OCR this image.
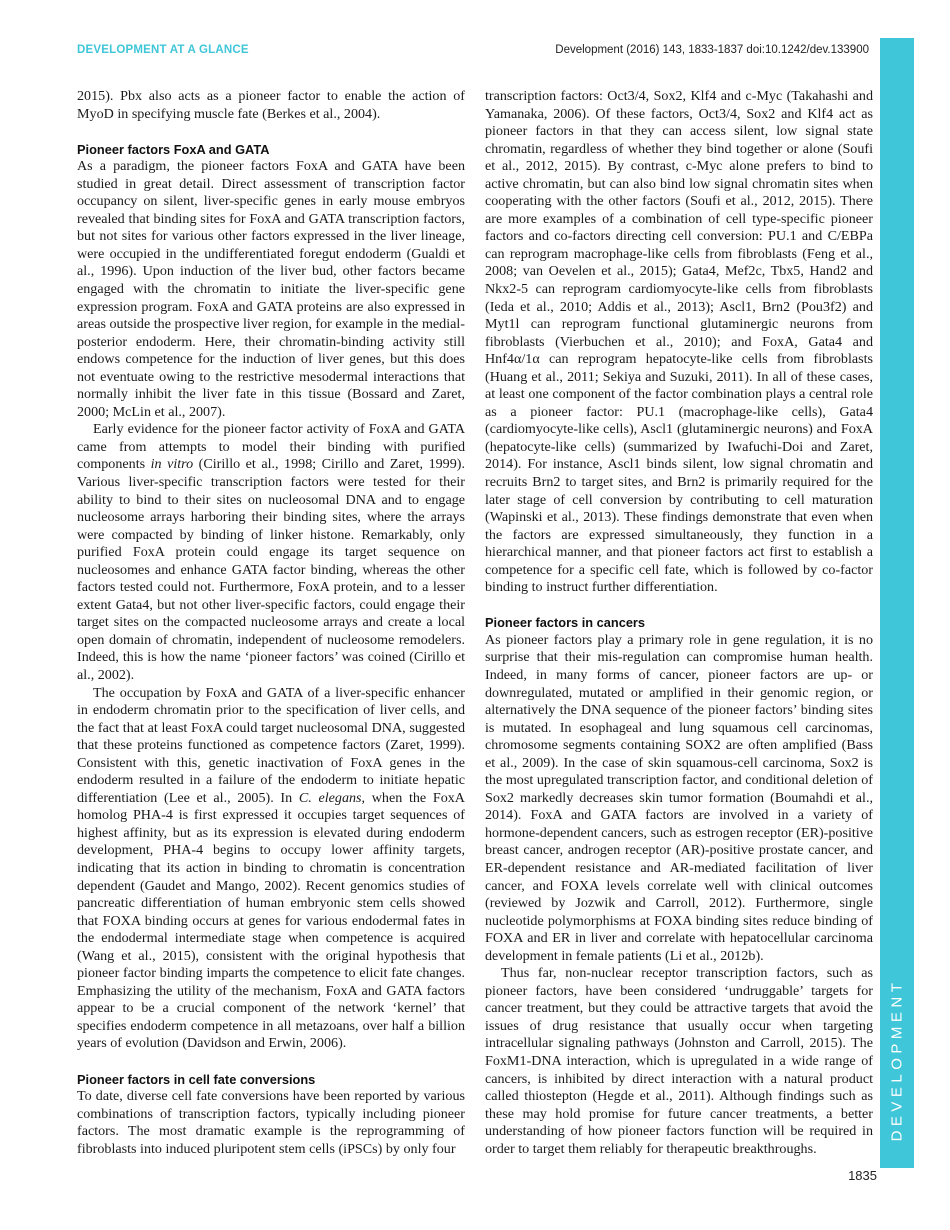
DEVELOPMENT AT A GLANCE	Development (2016) 143, 1833-1837 doi:10.1242/dev.133900
DEVELOPMENT

2015). Pbx also acts as a pioneer factor to enable the action of MyoD in specifying muscle fate (Berkes et al., 2004).

Pioneer factors FoxA and GATA

As a paradigm, the pioneer factors FoxA and GATA have been studied in great detail. Direct assessment of transcription factor occupancy on silent, liver-specific genes in early mouse embryos revealed that binding sites for FoxA and GATA transcription factors, but not sites for various other factors expressed in the liver lineage, were occupied in the undifferentiated foregut endoderm (Gualdi et al., 1996). Upon induction of the liver bud, other factors became engaged with the chromatin to initiate the liver-specific gene expression program. FoxA and GATA proteins are also expressed in areas outside the prospective liver region, for example in the medial-posterior endoderm. Here, their chromatin-binding activity still endows competence for the induction of liver genes, but this does not eventuate owing to the restrictive mesodermal interactions that normally inhibit the liver fate in this tissue (Bossard and Zaret, 2000; McLin et al., 2007).

Early evidence for the pioneer factor activity of FoxA and GATA came from attempts to model their binding with purified components in vitro (Cirillo et al., 1998; Cirillo and Zaret, 1999). Various liver-specific transcription factors were tested for their ability to bind to their sites on nucleosomal DNA and to engage nucleosome arrays harboring their binding sites, where the arrays were compacted by binding of linker histone. Remarkably, only purified FoxA protein could engage its target sequence on nucleosomes and enhance GATA factor binding, whereas the other factors tested could not. Furthermore, FoxA protein, and to a lesser extent Gata4, but not other liver-specific factors, could engage their target sites on the compacted nucleosome arrays and create a local open domain of chromatin, independent of nucleosome remodelers. Indeed, this is how the name ‘pioneer factors’ was coined (Cirillo et al., 2002).

The occupation by FoxA and GATA of a liver-specific enhancer in endoderm chromatin prior to the specification of liver cells, and the fact that at least FoxA could target nucleosomal DNA, suggested that these proteins functioned as competence factors (Zaret, 1999). Consistent with this, genetic inactivation of FoxA genes in the endoderm resulted in a failure of the endoderm to initiate hepatic differentiation (Lee et al., 2005). In C. elegans, when the FoxA homolog PHA-4 is first expressed it occupies target sequences of highest affinity, but as its expression is elevated during endoderm development, PHA-4 begins to occupy lower affinity targets, indicating that its action in binding to chromatin is concentration dependent (Gaudet and Mango, 2002). Recent genomics studies of pancreatic differentiation of human embryonic stem cells showed that FOXA binding occurs at genes for various endodermal fates in the endodermal intermediate stage when competence is acquired (Wang et al., 2015), consistent with the original hypothesis that pioneer factor binding imparts the competence to elicit fate changes. Emphasizing the utility of the mechanism, FoxA and GATA factors appear to be a crucial component of the network ‘kernel’ that specifies endoderm competence in all metazoans, over half a billion years of evolution (Davidson and Erwin, 2006).

Pioneer factors in cell fate conversions

To date, diverse cell fate conversions have been reported by various combinations of transcription factors, typically including pioneer factors. The most dramatic example is the reprogramming of fibroblasts into induced pluripotent stem cells (iPSCs) by only four

transcription factors: Oct3/4, Sox2, Klf4 and c-Myc (Takahashi and Yamanaka, 2006). Of these factors, Oct3/4, Sox2 and Klf4 act as pioneer factors in that they can access silent, low signal state chromatin, regardless of whether they bind together or alone (Soufi et al., 2012, 2015). By contrast, c-Myc alone prefers to bind to active chromatin, but can also bind low signal chromatin sites when cooperating with the other factors (Soufi et al., 2012, 2015). There are more examples of a combination of cell type-specific pioneer factors and co-factors directing cell conversion: PU.1 and C/EBPa can reprogram macrophage-like cells from fibroblasts (Feng et al., 2008; van Oevelen et al., 2015); Gata4, Mef2c, Tbx5, Hand2 and Nkx2-5 can reprogram cardiomyocyte-like cells from fibroblasts (Ieda et al., 2010; Addis et al., 2013); Ascl1, Brn2 (Pou3f2) and Myt1l can reprogram functional glutaminergic neurons from fibroblasts (Vierbuchen et al., 2010); and FoxA, Gata4 and Hnf4α/1α can reprogram hepatocyte-like cells from fibroblasts (Huang et al., 2011; Sekiya and Suzuki, 2011). In all of these cases, at least one component of the factor combination plays a central role as a pioneer factor: PU.1 (macrophage-like cells), Gata4 (cardiomyocyte-like cells), Ascl1 (glutaminergic neurons) and FoxA (hepatocyte-like cells) (summarized by Iwafuchi-Doi and Zaret, 2014). For instance, Ascl1 binds silent, low signal chromatin and recruits Brn2 to target sites, and Brn2 is primarily required for the later stage of cell conversion by contributing to cell maturation (Wapinski et al., 2013). These findings demonstrate that even when the factors are expressed simultaneously, they function in a hierarchical manner, and that pioneer factors act first to establish a competence for a specific cell fate, which is followed by co-factor binding to instruct further differentiation.

Pioneer factors in cancers

As pioneer factors play a primary role in gene regulation, it is no surprise that their mis-regulation can compromise human health. Indeed, in many forms of cancer, pioneer factors are up- or downregulated, mutated or amplified in their genomic region, or alternatively the DNA sequence of the pioneer factors’ binding sites is mutated. In esophageal and lung squamous cell carcinomas, chromosome segments containing SOX2 are often amplified (Bass et al., 2009). In the case of skin squamous-cell carcinoma, Sox2 is the most upregulated transcription factor, and conditional deletion of Sox2 markedly decreases skin tumor formation (Boumahdi et al., 2014). FoxA and GATA factors are involved in a variety of hormone-dependent cancers, such as estrogen receptor (ER)-positive breast cancer, androgen receptor (AR)-positive prostate cancer, and ER-dependent resistance and AR-mediated facilitation of liver cancer, and FOXA levels correlate well with clinical outcomes (reviewed by Jozwik and Carroll, 2012). Furthermore, single nucleotide polymorphisms at FOXA binding sites reduce binding of FOXA and ER in liver and correlate with hepatocellular carcinoma development in female patients (Li et al., 2012b).

Thus far, non-nuclear receptor transcription factors, such as pioneer factors, have been considered ‘undruggable’ targets for cancer treatment, but they could be attractive targets that avoid the issues of drug resistance that usually occur when targeting intracellular signaling pathways (Johnston and Carroll, 2015). The FoxM1-DNA interaction, which is upregulated in a wide range of cancers, is inhibited by direct interaction with a natural product called thiostepton (Hegde et al., 2011). Although findings such as these may hold promise for future cancer treatments, a better understanding of how pioneer factors function will be required in order to target them reliably for therapeutic breakthroughs.

1835
